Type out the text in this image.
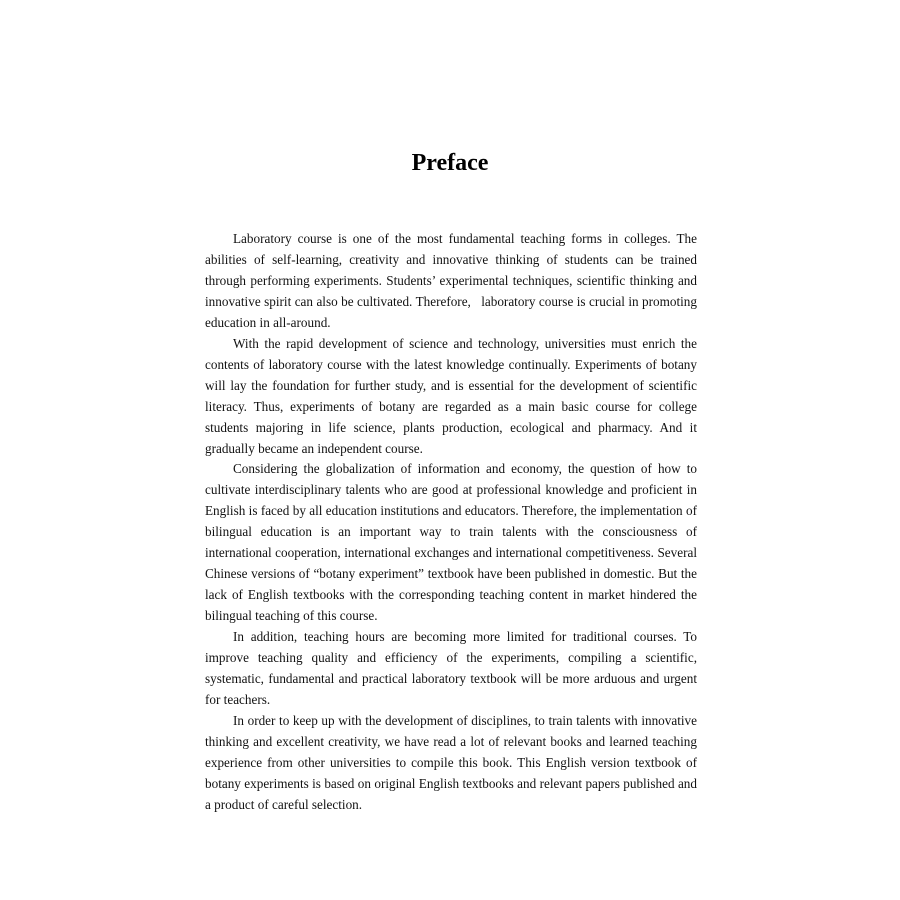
Preface

Laboratory course is one of the most fundamental teaching forms in colleges. The abilities of self-learning, creativity and innovative thinking of students can be trained through performing experiments. Students’ experimental techniques, scientific thinking and innovative spirit can also be cultivated. Therefore,   laboratory course is crucial in promoting education in all-around.

With the rapid development of science and technology, universities must enrich the contents of laboratory course with the latest knowledge continually. Experiments of botany will lay the foundation for further study, and is essential for the development of scientific literacy. Thus, experiments of botany are regarded as a main basic course for college students majoring in life science, plants production, ecological and pharmacy. And it gradually became an independent course.

Considering the globalization of information and economy, the question of how to cultivate interdisciplinary talents who are good at professional knowledge and proficient in English is faced by all education institutions and educators. Therefore, the implementation of bilingual education is an important way to train talents with the consciousness of international cooperation, international exchanges and international competitiveness. Several Chinese versions of “botany experiment” textbook have been published in domestic. But the lack of English textbooks with the corresponding teaching content in market hindered the bilingual teaching of this course.

In addition, teaching hours are becoming more limited for traditional courses. To improve teaching quality and efficiency of the experiments, compiling a scientific, systematic, fundamental and practical laboratory textbook will be more arduous and urgent for teachers.

In order to keep up with the development of disciplines, to train talents with innovative thinking and excellent creativity, we have read a lot of relevant books and learned teaching experience from other universities to compile this book. This English version textbook of botany experiments is based on original English textbooks and relevant papers published and a product of careful selection.
